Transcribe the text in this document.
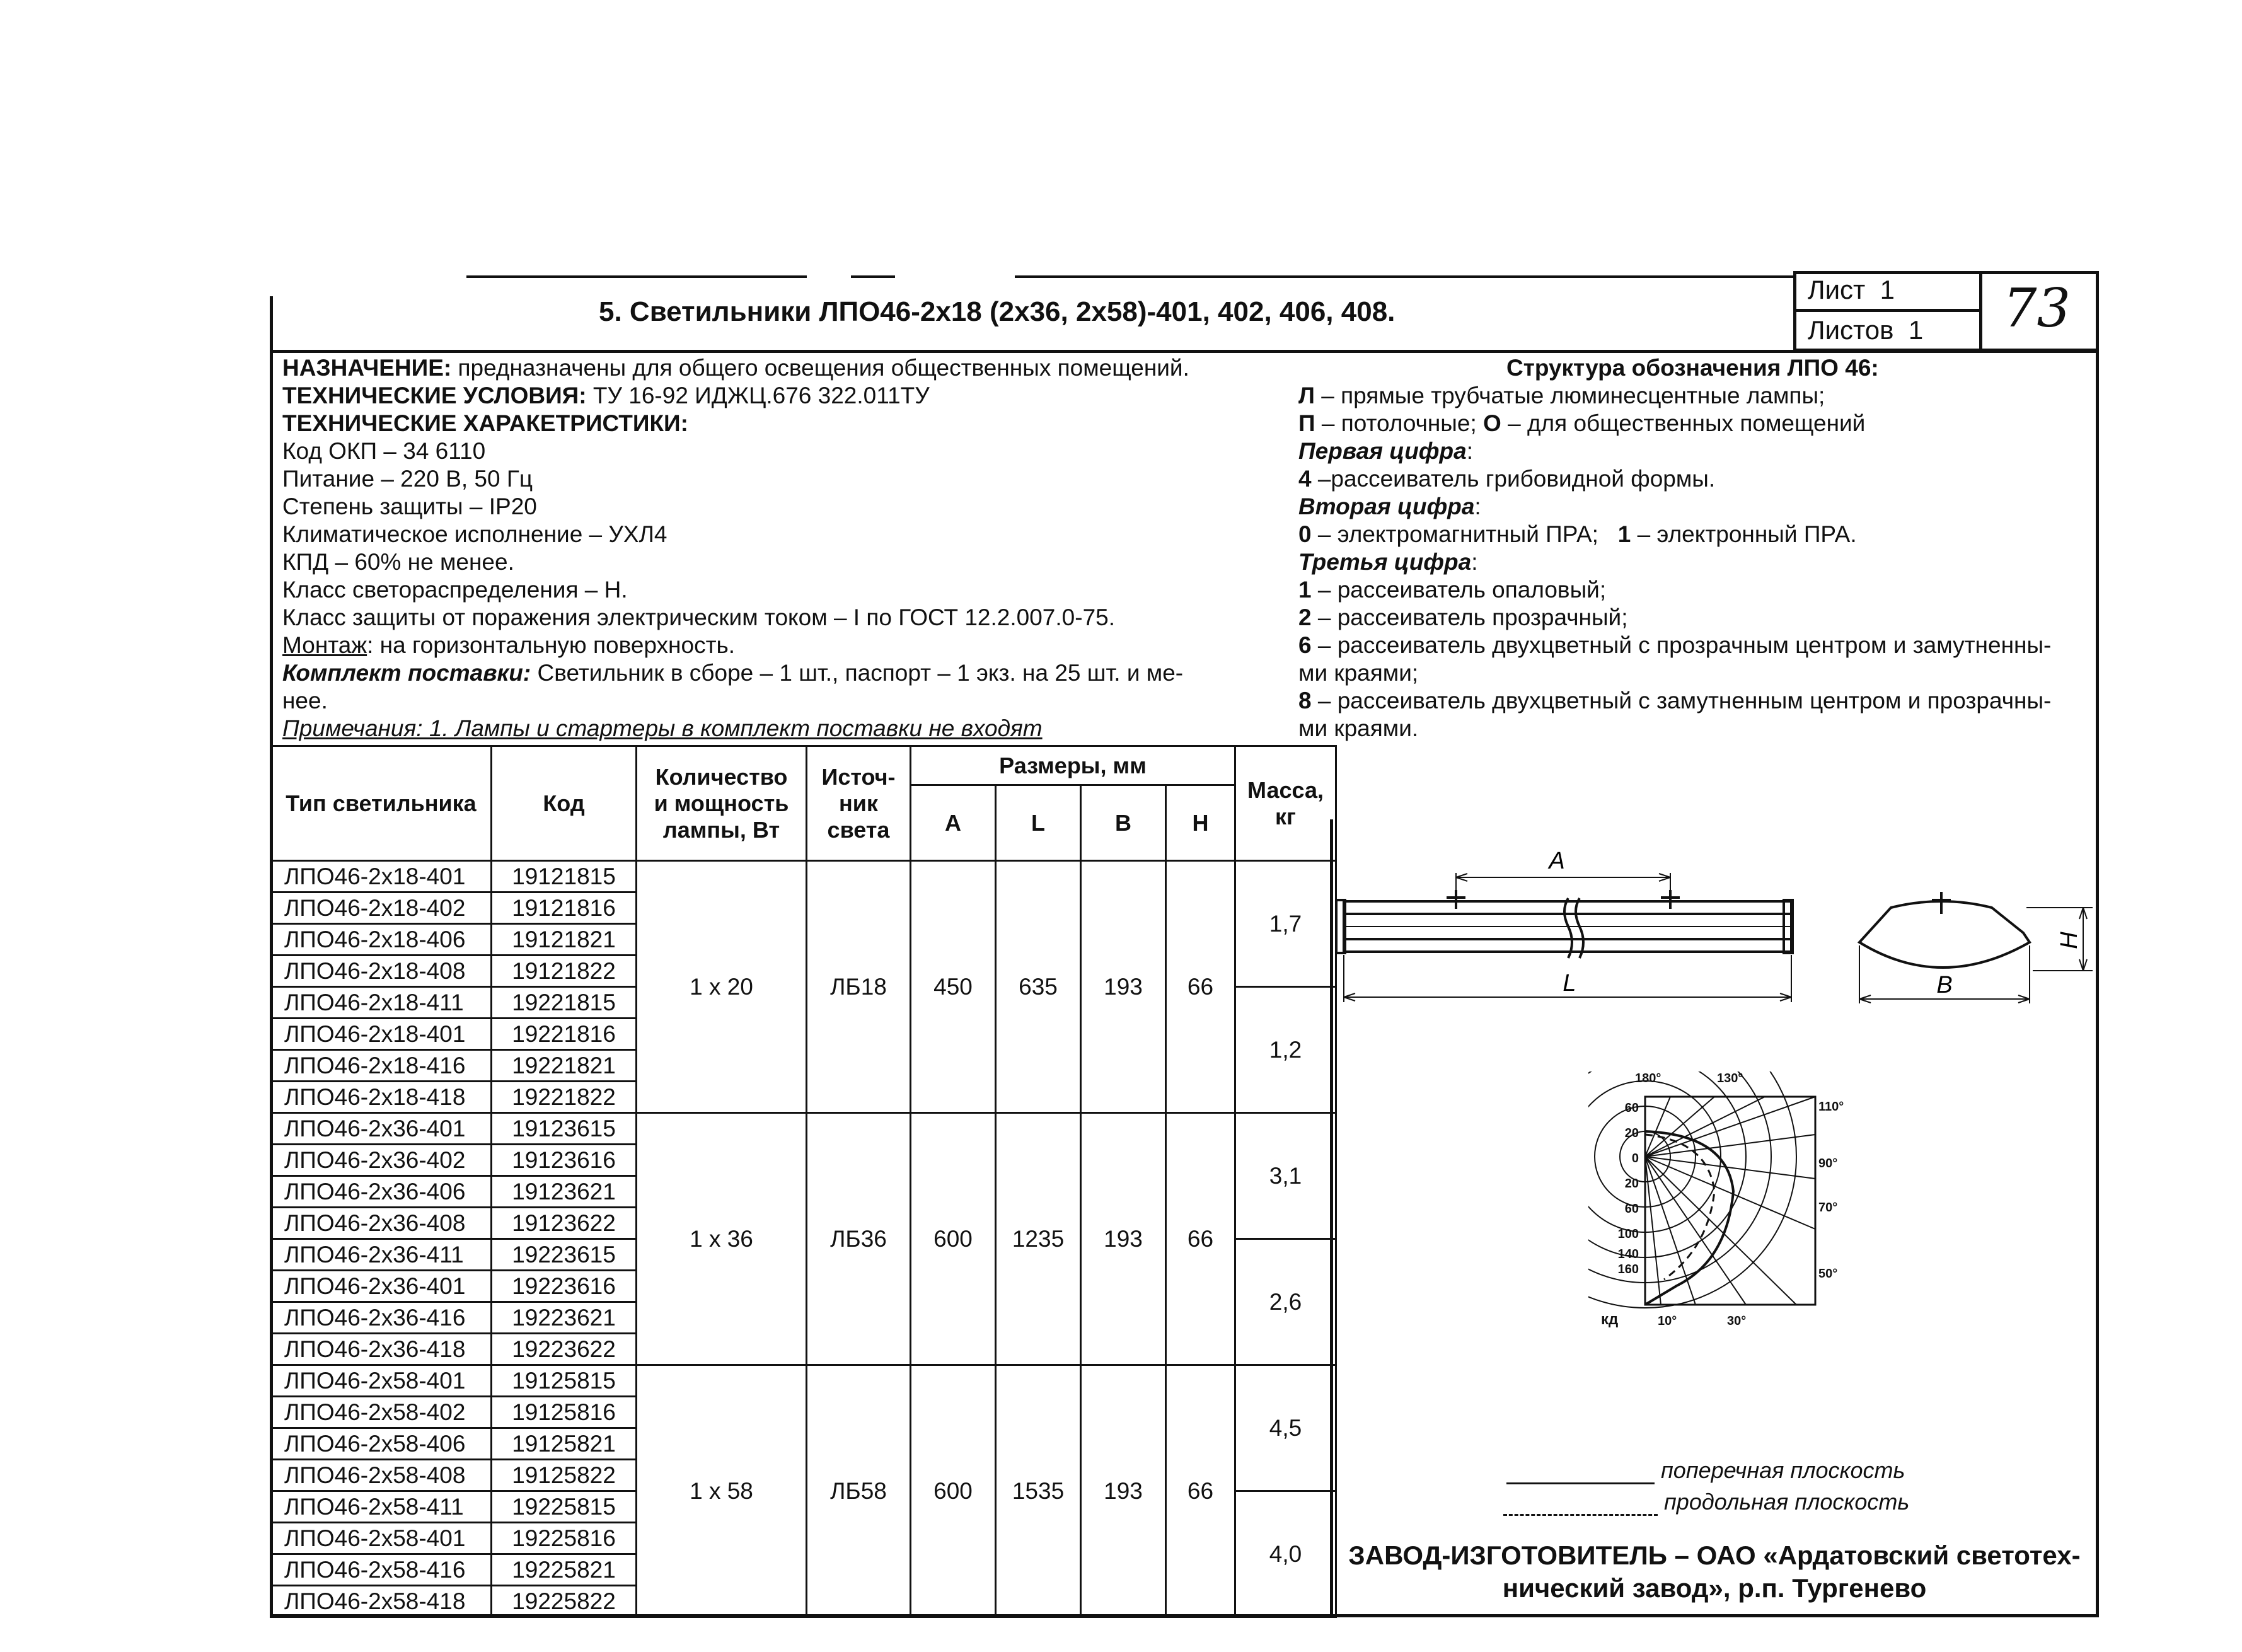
5. Светильники ЛПО46-2х18 (2х36, 2х58)-401, 402, 406, 408.
Лист 1
Листов 1 73
НАЗНАЧЕНИЕ: предназначены для общего освещения общественных помещений.
ТЕХНИЧЕСКИЕ УСЛОВИЯ: ТУ 16-92 ИДЖЦ.676 322.011ТУ
ТЕХНИЧЕСКИЕ ХАРАКЕТРИСТИКИ:
Код ОКП – 34 6110
Питание – 220 В, 50 Гц
Степень защиты – IP20
Климатическое исполнение – УХЛ4
КПД – 60% не менее.
Класс светораспределения – Н.
Класс защиты от поражения электрическим током – I по ГОСТ 12.2.007.0-75.
Монтаж: на горизонтальную поверхность.
Комплект поставки: Светильник в сборе – 1 шт., паспорт – 1 экз. на 25 шт. и ме-
нее.
Примечания: 1. Лампы и стартеры в комплект поставки не входят
Структура обозначения ЛПО 46:
Л – прямые трубчатые люминесцентные лампы;
П – потолочные; О – для общественных помещений
Первая цифра:
4 –рассеиватель грибовидной формы.
Вторая цифра:
0 – электромагнитный ПРА;   1 – электронный ПРА.
Третья цифра:
1 – рассеиватель опаловый;
2 – рассеиватель прозрачный;
6 – рассеиватель двухцветный с прозрачным центром и замутненны-
ми краями;
8 – рассеиватель двухцветный с замутненным центром и прозрачны-
ми краями.
Тип светильника	Код	Количество
и мощность
лампы, Вт	Источ-
ник
света	Размеры, мм				Масса,
кг
				А	L	B	H	
ЛПО46-2х18-401	19121815	1 х 20	ЛБ18	450	635	193	66	1,7
ЛПО46-2х18-402	19121816							
ЛПО46-2х18-406	19121821							
ЛПО46-2х18-408	19121822							
ЛПО46-2х18-411	19221815							1,2
ЛПО46-2х18-401	19221816							
ЛПО46-2х18-416	19221821							
ЛПО46-2х18-418	19221822							
ЛПО46-2х36-401	19123615	1 х 36	ЛБ36	600	1235	193	66	3,1
ЛПО46-2х36-402	19123616							
ЛПО46-2х36-406	19123621							
ЛПО46-2х36-408	19123622							
ЛПО46-2х36-411	19223615							2,6
ЛПО46-2х36-401	19223616							
ЛПО46-2х36-416	19223621							
ЛПО46-2х36-418	19223622							
ЛПО46-2х58-401	19125815	1 х 58	ЛБ58	600	1535	193	66	4,5
ЛПО46-2х58-402	19125816							
ЛПО46-2х58-406	19125821							
ЛПО46-2х58-408	19125822							
ЛПО46-2х58-411	19225815							4,0
ЛПО46-2х58-401	19225816							
ЛПО46-2х58-416	19225821							
ЛПО46-2х58-418	19225822							
A
L	B
H
180°	130°
60
20
0
20
60
100
140
160
кд
110°
90°
70°
50°
10°	30°
поперечная плоскость
продольная плоскость
ЗАВОД-ИЗГОТОВИТЕЛЬ – ОАО «Ардатовский светотех-
нический завод», р.п. Тургенево
